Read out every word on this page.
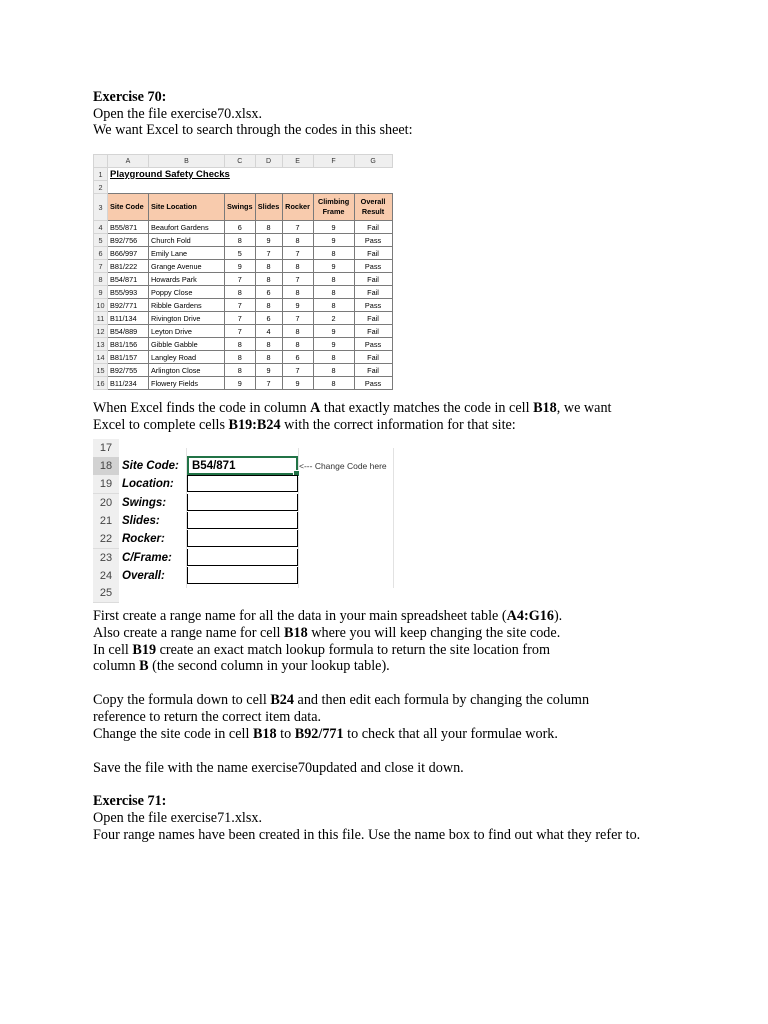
Exercise 70:
Open the file exercise70.xlsx.
We want Excel to search through the codes in this sheet:
	A	B	C	D	E	F	G
1	Playground Safety Checks						
2							
3	Site Code	Site Location	Swings	Slides	Rocker	Climbing Frame	Overall Result
4	B55/871	Beaufort Gardens	6	8	7	9	Fail
5	B92/756	Church Fold	8	9	8	9	Pass
6	B66/997	Emily Lane	5	7	7	8	Fail
7	B81/222	Grange Avenue	9	8	8	9	Pass
8	B54/871	Howards Park	7	8	7	8	Fail
9	B55/993	Poppy Close	8	6	8	8	Fail
10	B92/771	Ribble Gardens	7	8	9	8	Pass
11	B11/134	Rivington Drive	7	6	7	2	Fail
12	B54/889	Leyton Drive	7	4	8	9	Fail
13	B81/156	Gibble Gabble	8	8	8	9	Pass
14	B81/157	Langley Road	8	8	6	8	Fail
15	B92/755	Arlington Close	8	9	7	8	Fail
16	B11/234	Flowery Fields	9	7	9	8	Pass
When Excel finds the code in column A that exactly matches the code in cell B18, we want
Excel to complete cells B19:B24 with the correct information for that site:
17
18 Site Code:	B54/871
19 Location:
20 Swings:
21 Slides:
22 Rocker:
23 C/Frame:
24 Overall:
25
<--- Change Code here
First create a range name for all the data in your main spreadsheet table (A4:G16).
Also create a range name for cell B18 where you will keep changing the site code.
In cell B19 create an exact match lookup formula to return the site location from
column B (the second column in your lookup table).
Copy the formula down to cell B24 and then edit each formula by changing the column
reference to return the correct item data.
Change the site code in cell B18 to B92/771 to check that all your formulae work.
Save the file with the name exercise70updated and close it down.
Exercise 71:
Open the file exercise71.xlsx.
Four range names have been created in this file. Use the name box to find out what they refer to.
